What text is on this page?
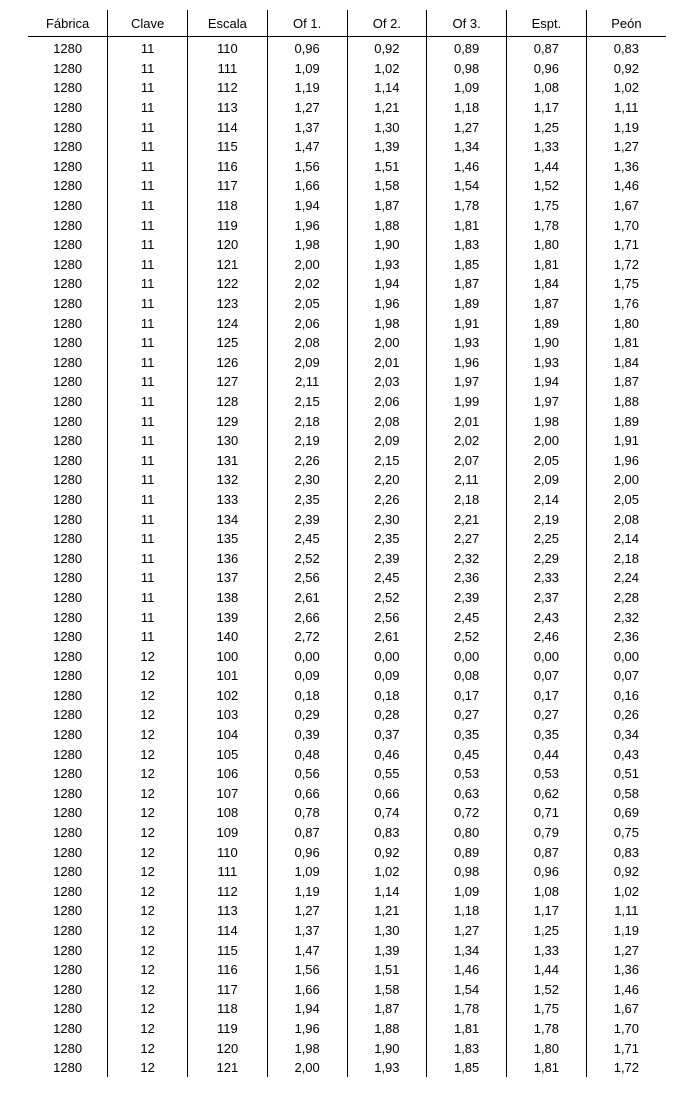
Fábrica	Clave	Escala	Of 1.	Of 2.	Of 3.	Espt.	Peón
1280	11	110	0,96	0,92	0,89	0,87	0,83
1280	11	111	1,09	1,02	0,98	0,96	0,92
1280	11	112	1,19	1,14	1,09	1,08	1,02
1280	11	113	1,27	1,21	1,18	1,17	1,11
1280	11	114	1,37	1,30	1,27	1,25	1,19
1280	11	115	1,47	1,39	1,34	1,33	1,27
1280	11	116	1,56	1,51	1,46	1,44	1,36
1280	11	117	1,66	1,58	1,54	1,52	1,46
1280	11	118	1,94	1,87	1,78	1,75	1,67
1280	11	119	1,96	1,88	1,81	1,78	1,70
1280	11	120	1,98	1,90	1,83	1,80	1,71
1280	11	121	2,00	1,93	1,85	1,81	1,72
1280	11	122	2,02	1,94	1,87	1,84	1,75
1280	11	123	2,05	1,96	1,89	1,87	1,76
1280	11	124	2,06	1,98	1,91	1,89	1,80
1280	11	125	2,08	2,00	1,93	1,90	1,81
1280	11	126	2,09	2,01	1,96	1,93	1,84
1280	11	127	2,11	2,03	1,97	1,94	1,87
1280	11	128	2,15	2,06	1,99	1,97	1,88
1280	11	129	2,18	2,08	2,01	1,98	1,89
1280	11	130	2,19	2,09	2,02	2,00	1,91
1280	11	131	2,26	2,15	2,07	2,05	1,96
1280	11	132	2,30	2,20	2,11	2,09	2,00
1280	11	133	2,35	2,26	2,18	2,14	2,05
1280	11	134	2,39	2,30	2,21	2,19	2,08
1280	11	135	2,45	2,35	2,27	2,25	2,14
1280	11	136	2,52	2,39	2,32	2,29	2,18
1280	11	137	2,56	2,45	2,36	2,33	2,24
1280	11	138	2,61	2,52	2,39	2,37	2,28
1280	11	139	2,66	2,56	2,45	2,43	2,32
1280	11	140	2,72	2,61	2,52	2,46	2,36
1280	12	100	0,00	0,00	0,00	0,00	0,00
1280	12	101	0,09	0,09	0,08	0,07	0,07
1280	12	102	0,18	0,18	0,17	0,17	0,16
1280	12	103	0,29	0,28	0,27	0,27	0,26
1280	12	104	0,39	0,37	0,35	0,35	0,34
1280	12	105	0,48	0,46	0,45	0,44	0,43
1280	12	106	0,56	0,55	0,53	0,53	0,51
1280	12	107	0,66	0,66	0,63	0,62	0,58
1280	12	108	0,78	0,74	0,72	0,71	0,69
1280	12	109	0,87	0,83	0,80	0,79	0,75
1280	12	110	0,96	0,92	0,89	0,87	0,83
1280	12	111	1,09	1,02	0,98	0,96	0,92
1280	12	112	1,19	1,14	1,09	1,08	1,02
1280	12	113	1,27	1,21	1,18	1,17	1,11
1280	12	114	1,37	1,30	1,27	1,25	1,19
1280	12	115	1,47	1,39	1,34	1,33	1,27
1280	12	116	1,56	1,51	1,46	1,44	1,36
1280	12	117	1,66	1,58	1,54	1,52	1,46
1280	12	118	1,94	1,87	1,78	1,75	1,67
1280	12	119	1,96	1,88	1,81	1,78	1,70
1280	12	120	1,98	1,90	1,83	1,80	1,71
1280	12	121	2,00	1,93	1,85	1,81	1,72
